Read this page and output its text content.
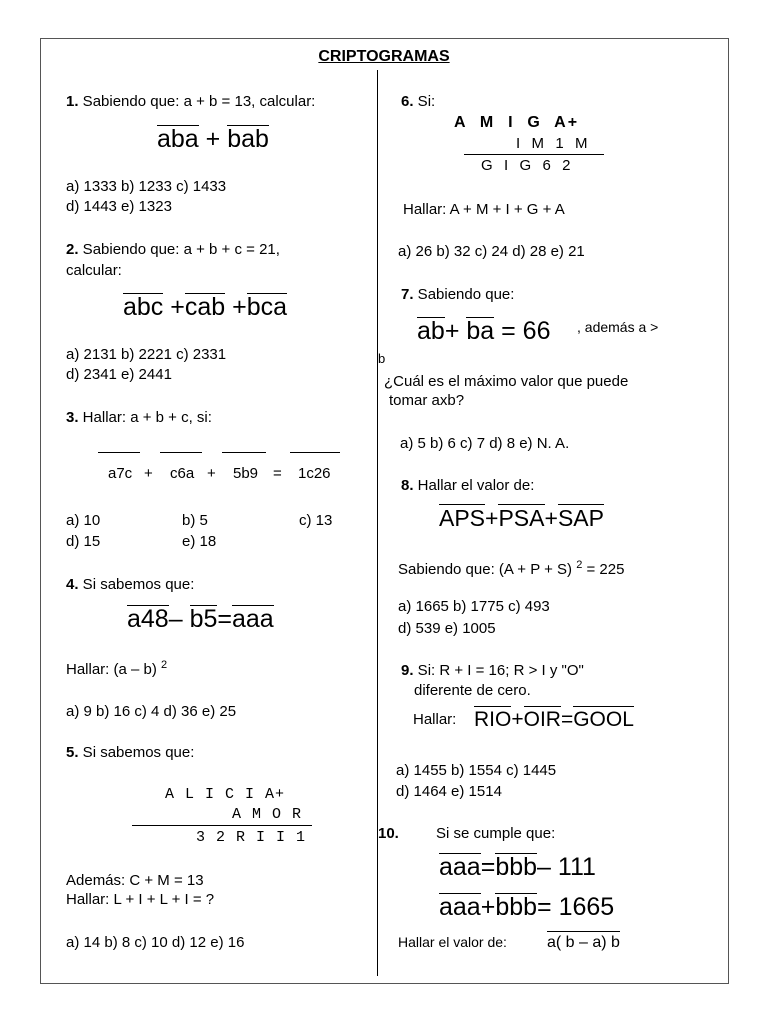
CRIPTOGRAMAS
1. Sabiendo que: a + b = 13, calcular:
aba + bab
a) 1333 b) 1233 c) 1433
d) 1443 e) 1323
2. Sabiendo que: a + b + c = 21,
calcular:
abc +cab +bca
a) 2131 b) 2221 c) 2331
d) 2341 e) 2441
3. Hallar: a + b + c, si:
a7c + c6a + 5b9 = 1c26
a) 10	b) 5	c) 13
d) 15	e) 18
4. Si sabemos que:
a48– b5=aaa
Hallar: (a – b) $^2$
a) 9 b) 16 c) 4 d) 36 e) 25
5. Si sabemos que:
A L I C I A+
A M O R
3 2 R I I 1
Además: C + M = 13
Hallar: L + I + L + I = ?
a) 14 b) 8 c) 10 d) 12 e) 16
6. Si:
A  M  I  G  A+
I  M  1  M
G  I  G  6  2
Hallar: A + M + I + G + A
a) 26 b) 32 c) 24 d) 28 e) 21
7. Sabiendo que:
ab+ ba = 66 , además a >
b
¿Cuál es el máximo valor que puede
tomar axb?
a) 5 b) 6 c) 7 d) 8 e) N. A.
8. Hallar el valor de:
APS+PSA+SAP
Sabiendo que: (A + P + S) $^2$ = 225
a) 1665 b) 1775 c) 493
d) 539 e) 1005
9. Si: R + I = 16; R > I y "O"
diferente de cero.
Hallar: RIO+OIR=GOOL
a) 1455 b) 1554 c) 1445
d) 1464 e) 1514
10. Si se cumple que:
aaa=bbb– 111
aaa+bbb= 1665
Hallar el valor de:	a( b – a) b
